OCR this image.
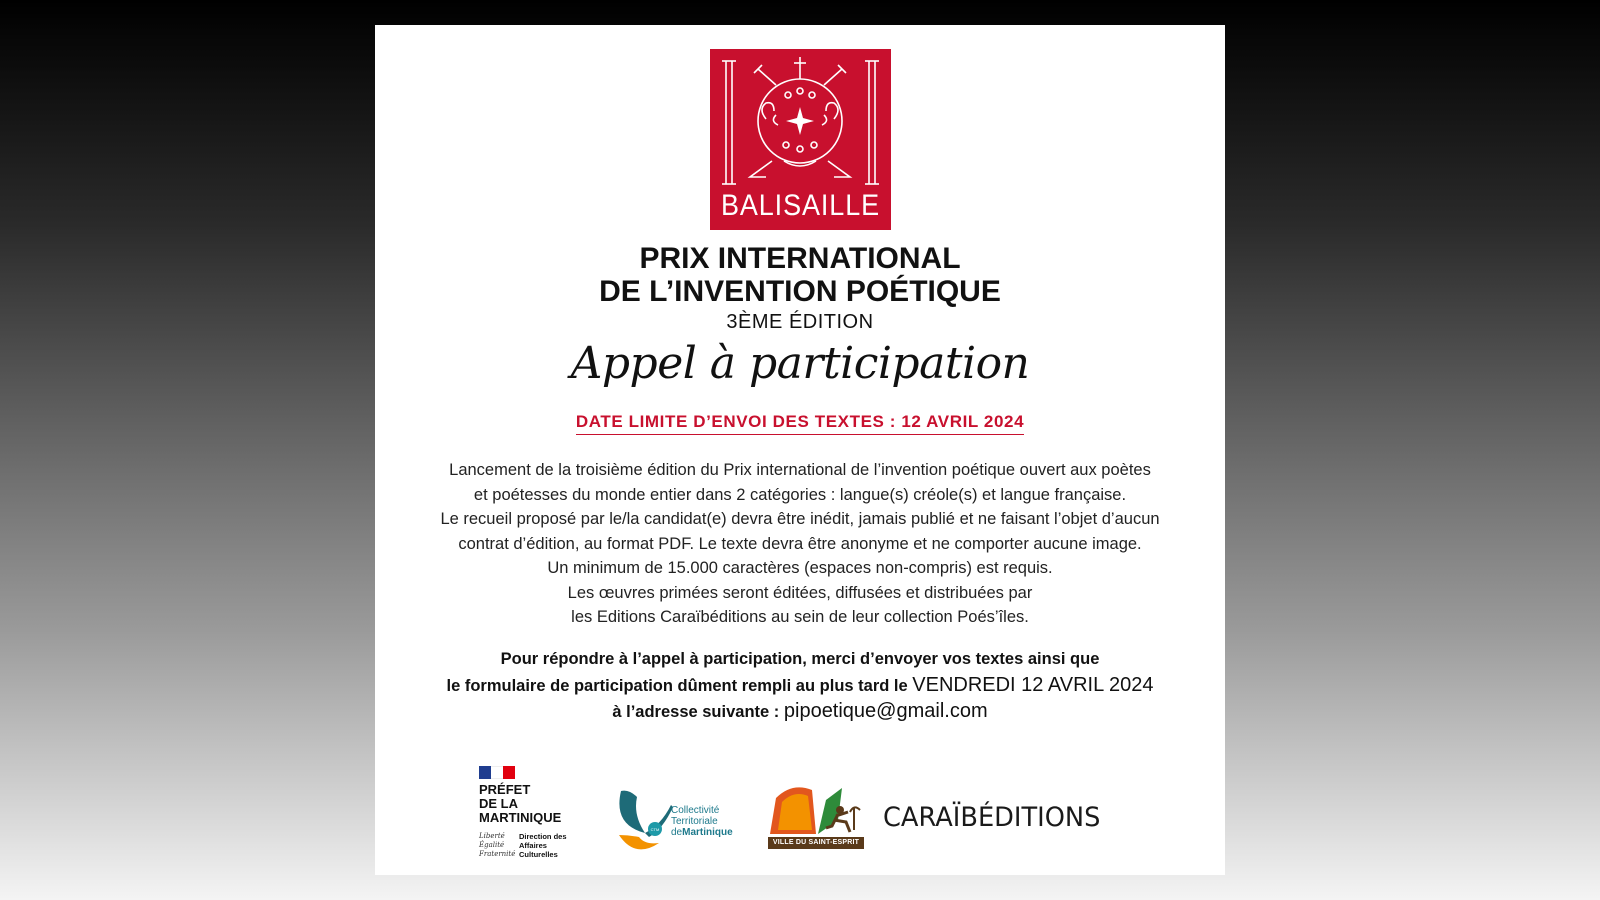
BALISAILLE
PRIX INTERNATIONAL
DE L’INVENTION POÉTIQUE
3ÈME ÉDITION
Appel à participation
DATE LIMITE D’ENVOI DES TEXTES : 12 AVRIL 2024
Lancement de la troisième édition du Prix international de l’invention poétique ouvert aux poètes
et poétesses du monde entier dans 2 catégories : langue(s) créole(s) et langue française.
Le recueil proposé par le/la candidat(e) devra être inédit, jamais publié et ne faisant l’objet d’aucun
contrat d’édition, au format PDF. Le texte devra être anonyme et ne comporter aucune image.
Un minimum de 15.000 caractères (espaces non-compris) est requis.
Les œuvres primées seront éditées, diffusées et distribuées par
les Editions Caraïbéditions au sein de leur collection Poés’îles.
Pour répondre à l’appel à participation, merci d’envoyer vos textes ainsi que
le formulaire de participation dûment rempli au plus tard le VENDREDI 12 AVRIL 2024
à l’adresse suivante : pipoetique@gmail.com
PRÉFET
DE LA
MARTINIQUE
Liberté
Égalité
Fraternité
Direction des
Affaires
Culturelles
CTM
Collectivité
Territoriale
deMartinique
VILLE DU SAINT-ESPRIT
CARAÏBÉDITIONS
